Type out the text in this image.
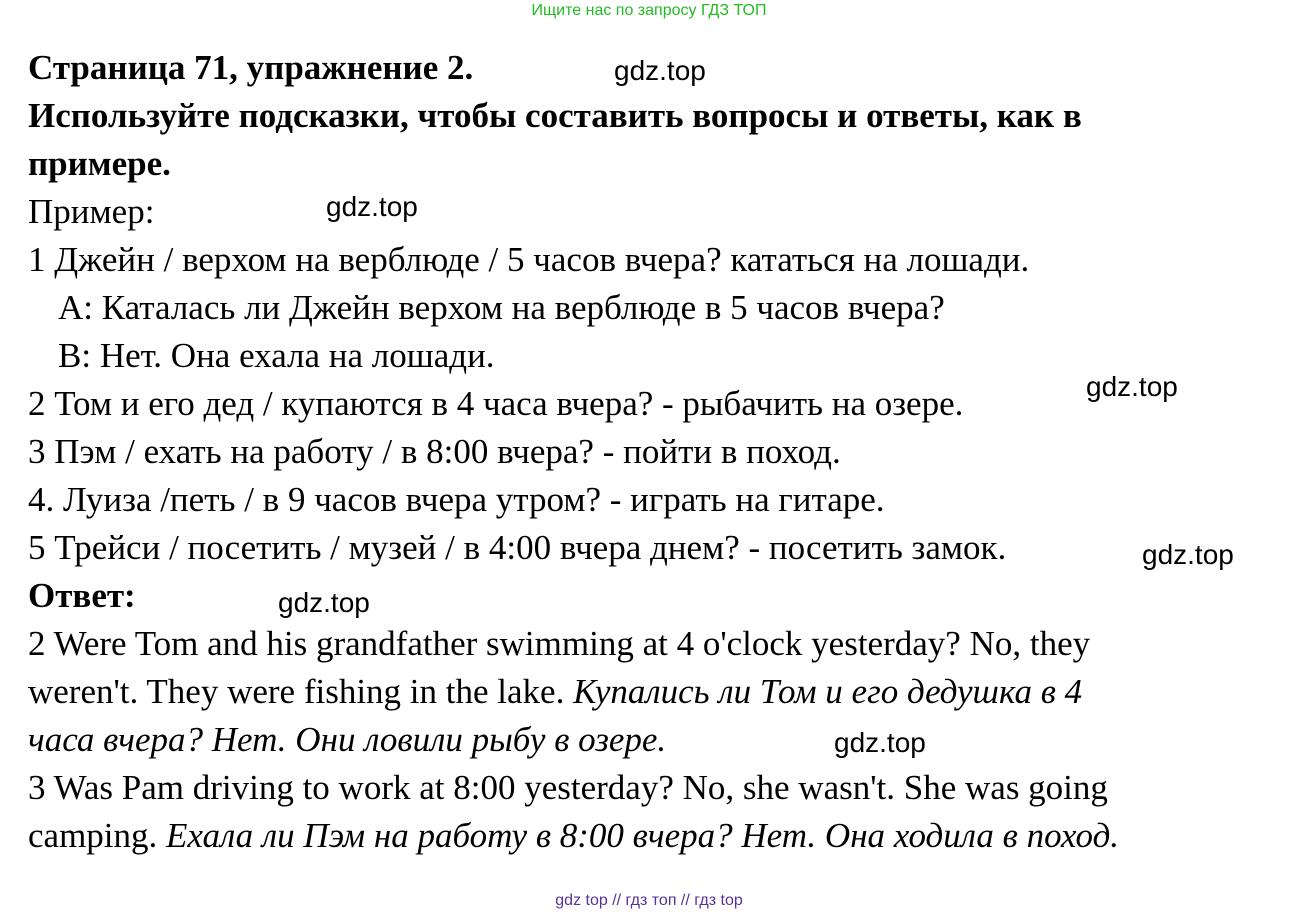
Ищите нас по запросу ГДЗ ТОП
Страница 71, упражнение 2.
Используйте подсказки, чтобы составить вопросы и ответы, как в
примере.
Пример:
1 Джейн / верхом на верблюде / 5 часов вчера? кататься на лошади.
A: Каталась ли Джейн верхом на верблюде в 5 часов вчера?
B: Нет. Она ехала на лошади.
2 Том и его дед / купаются в 4 часа вчера? - рыбачить на озере.
3 Пэм / ехать на работу / в 8:00 вчера? - пойти в поход.
4. Луиза /петь / в 9 часов вчера утром? - играть на гитаре.
5 Трейси / посетить / музей / в 4:00 вчера днем? - посетить замок.
Ответ:
2 Were Tom and his grandfather swimming at 4 o'clock yesterday? No, they
weren't. They were fishing in the lake. Купались ли Том и его дедушка в 4
часа вчера? Нет. Они ловили рыбу в озере.
3 Was Pam driving to work at 8:00 yesterday? No, she wasn't. She was going
camping. Ехала ли Пэм на работу в 8:00 вчера? Нет. Она ходила в поход.
gdz.top
gdz.top
gdz.top
gdz.top
gdz.top
gdz.top
gdz top // гдз топ // гдз top
